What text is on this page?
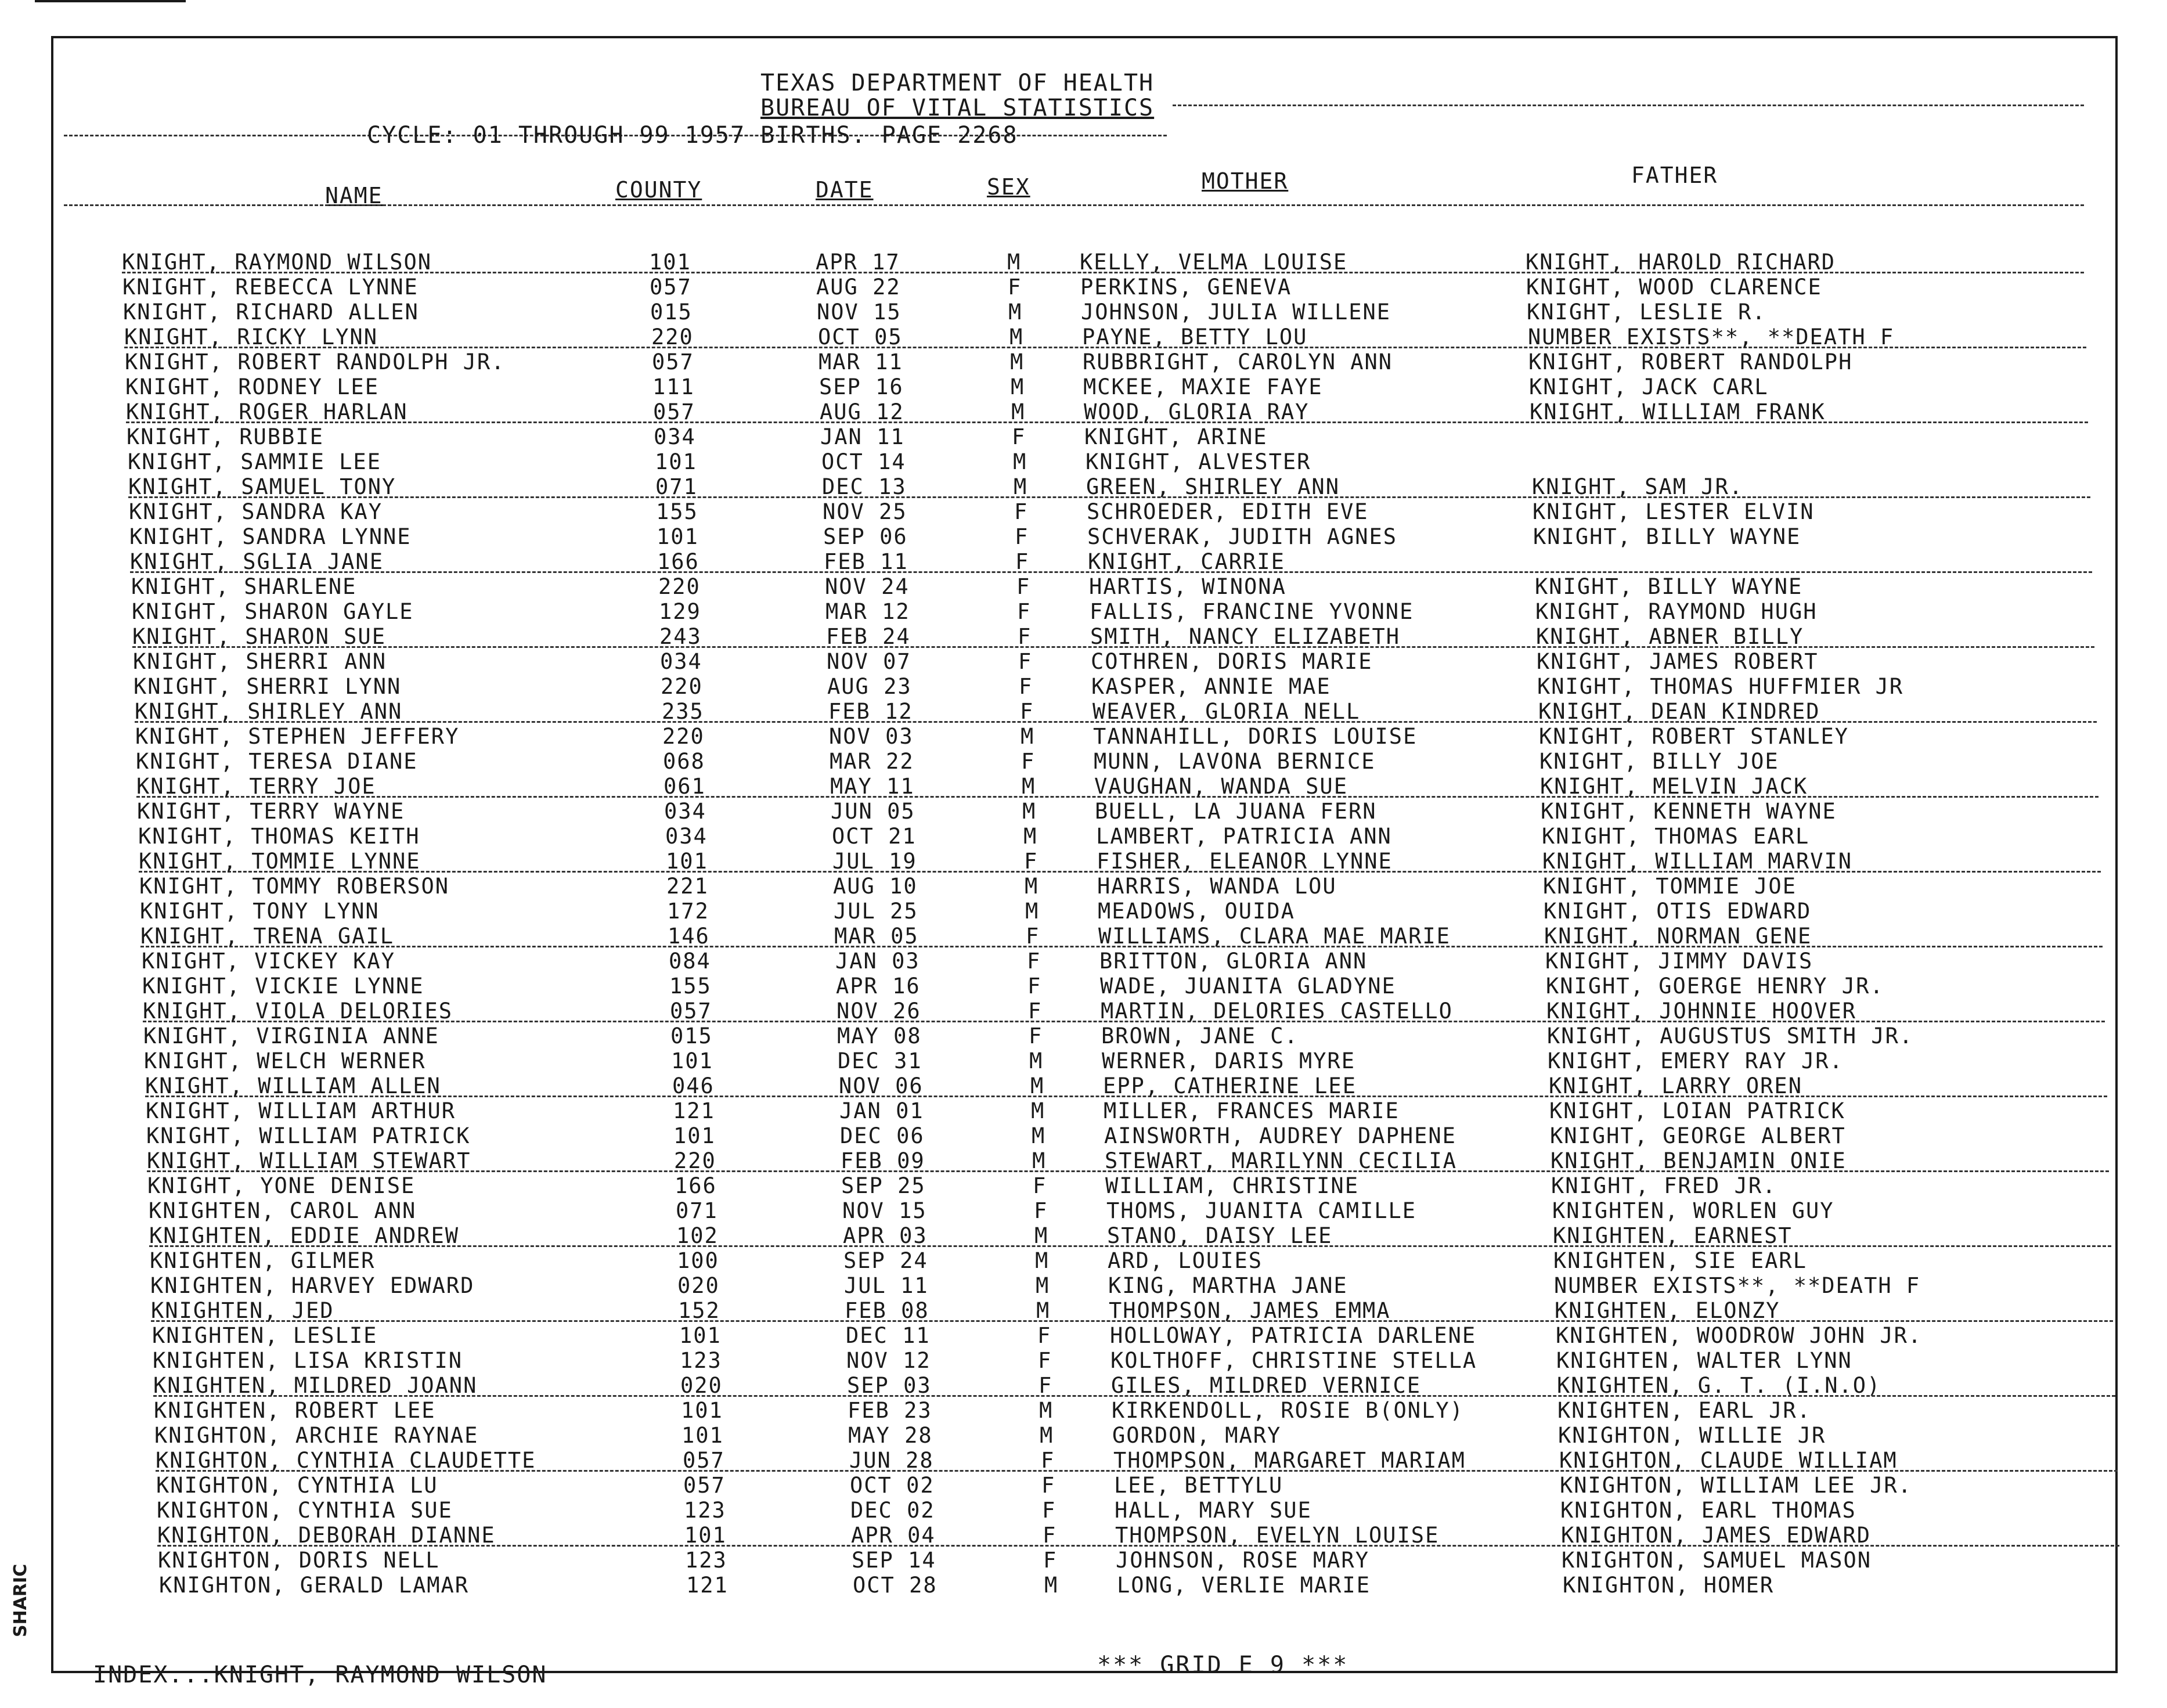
TEXAS DEPARTMENT OF HEALTH
BUREAU OF VITAL STATISTICS
CYCLE: 01 THROUGH 99 1957 BIRTHS. PAGE 2268
NAME	COUNTY	DATE	SEX	MOTHER	FATHER
KNIGHT, RAYMOND WILSON	101	APR 17	M	KELLY, VELMA LOUISE	KNIGHT, HAROLD RICHARD
KNIGHT, REBECCA LYNNE	057	AUG 22	F	PERKINS, GENEVA	KNIGHT, WOOD CLARENCE
KNIGHT, RICHARD ALLEN	015	NOV 15	M	JOHNSON, JULIA WILLENE	KNIGHT, LESLIE R.
KNIGHT, RICKY LYNN	220	OCT 05	M	PAYNE, BETTY LOU	NUMBER EXISTS**, **DEATH F
KNIGHT, ROBERT RANDOLPH JR.	057	MAR 11	M	RUBBRIGHT, CAROLYN ANN	KNIGHT, ROBERT RANDOLPH
KNIGHT, RODNEY LEE	111	SEP 16	M	MCKEE, MAXIE FAYE	KNIGHT, JACK CARL
KNIGHT, ROGER HARLAN	057	AUG 12	M	WOOD, GLORIA RAY	KNIGHT, WILLIAM FRANK
KNIGHT, RUBBIE	034	JAN 11	F	KNIGHT, ARINE
KNIGHT, SAMMIE LEE	101	OCT 14	M	KNIGHT, ALVESTER
KNIGHT, SAMUEL TONY	071	DEC 13	M	GREEN, SHIRLEY ANN	KNIGHT, SAM JR.
KNIGHT, SANDRA KAY	155	NOV 25	F	SCHROEDER, EDITH EVE	KNIGHT, LESTER ELVIN
KNIGHT, SANDRA LYNNE	101	SEP 06	F	SCHVERAK, JUDITH AGNES	KNIGHT, BILLY WAYNE
KNIGHT, SGLIA JANE	166	FEB 11	F	KNIGHT, CARRIE
KNIGHT, SHARLENE	220	NOV 24	F	HARTIS, WINONA	KNIGHT, BILLY WAYNE
KNIGHT, SHARON GAYLE	129	MAR 12	F	FALLIS, FRANCINE YVONNE	KNIGHT, RAYMOND HUGH
KNIGHT, SHARON SUE	243	FEB 24	F	SMITH, NANCY ELIZABETH	KNIGHT, ABNER BILLY
KNIGHT, SHERRI ANN	034	NOV 07	F	COTHREN, DORIS MARIE	KNIGHT, JAMES ROBERT
KNIGHT, SHERRI LYNN	220	AUG 23	F	KASPER, ANNIE MAE	KNIGHT, THOMAS HUFFMIER JR
KNIGHT, SHIRLEY ANN	235	FEB 12	F	WEAVER, GLORIA NELL	KNIGHT, DEAN KINDRED
KNIGHT, STEPHEN JEFFERY	220	NOV 03	M	TANNAHILL, DORIS LOUISE	KNIGHT, ROBERT STANLEY
KNIGHT, TERESA DIANE	068	MAR 22	F	MUNN, LAVONA BERNICE	KNIGHT, BILLY JOE
KNIGHT, TERRY JOE	061	MAY 11	M	VAUGHAN, WANDA SUE	KNIGHT, MELVIN JACK
KNIGHT, TERRY WAYNE	034	JUN 05	M	BUELL, LA JUANA FERN	KNIGHT, KENNETH WAYNE
KNIGHT, THOMAS KEITH	034	OCT 21	M	LAMBERT, PATRICIA ANN	KNIGHT, THOMAS EARL
KNIGHT, TOMMIE LYNNE	101	JUL 19	F	FISHER, ELEANOR LYNNE	KNIGHT, WILLIAM MARVIN
KNIGHT, TOMMY ROBERSON	221	AUG 10	M	HARRIS, WANDA LOU	KNIGHT, TOMMIE JOE
KNIGHT, TONY LYNN	172	JUL 25	M	MEADOWS, OUIDA	KNIGHT, OTIS EDWARD
KNIGHT, TRENA GAIL	146	MAR 05	F	WILLIAMS, CLARA MAE MARIE	KNIGHT, NORMAN GENE
KNIGHT, VICKEY KAY	084	JAN 03	F	BRITTON, GLORIA ANN	KNIGHT, JIMMY DAVIS
KNIGHT, VICKIE LYNNE	155	APR 16	F	WADE, JUANITA GLADYNE	KNIGHT, GOERGE HENRY JR.
KNIGHT, VIOLA DELORIES	057	NOV 26	F	MARTIN, DELORIES CASTELLO	KNIGHT, JOHNNIE HOOVER
KNIGHT, VIRGINIA ANNE	015	MAY 08	F	BROWN, JANE C.	KNIGHT, AUGUSTUS SMITH JR.
KNIGHT, WELCH WERNER	101	DEC 31	M	WERNER, DARIS MYRE	KNIGHT, EMERY RAY JR.
KNIGHT, WILLIAM ALLEN	046	NOV 06	M	EPP, CATHERINE LEE	KNIGHT, LARRY OREN
KNIGHT, WILLIAM ARTHUR	121	JAN 01	M	MILLER, FRANCES MARIE	KNIGHT, LOIAN PATRICK
KNIGHT, WILLIAM PATRICK	101	DEC 06	M	AINSWORTH, AUDREY DAPHENE	KNIGHT, GEORGE ALBERT
KNIGHT, WILLIAM STEWART	220	FEB 09	M	STEWART, MARILYNN CECILIA	KNIGHT, BENJAMIN ONIE
KNIGHT, YONE DENISE	166	SEP 25	F	WILLIAM, CHRISTINE	KNIGHT, FRED JR.
KNIGHTEN, CAROL ANN	071	NOV 15	F	THOMS, JUANITA CAMILLE	KNIGHTEN, WORLEN GUY
KNIGHTEN, EDDIE ANDREW	102	APR 03	M	STANO, DAISY LEE	KNIGHTEN, EARNEST
KNIGHTEN, GILMER	100	SEP 24	M	ARD, LOUIES	KNIGHTEN, SIE EARL
KNIGHTEN, HARVEY EDWARD	020	JUL 11	M	KING, MARTHA JANE	NUMBER EXISTS**, **DEATH F
KNIGHTEN, JED	152	FEB 08	M	THOMPSON, JAMES EMMA	KNIGHTEN, ELONZY
KNIGHTEN, LESLIE	101	DEC 11	F	HOLLOWAY, PATRICIA DARLENE	KNIGHTEN, WOODROW JOHN JR.
KNIGHTEN, LISA KRISTIN	123	NOV 12	F	KOLTHOFF, CHRISTINE STELLA	KNIGHTEN, WALTER LYNN
KNIGHTEN, MILDRED JOANN	020	SEP 03	F	GILES, MILDRED VERNICE	KNIGHTEN, G. T. (I.N.O)
KNIGHTEN, ROBERT LEE	101	FEB 23	M	KIRKENDOLL, ROSIE B(ONLY)	KNIGHTEN, EARL JR.
KNIGHTON, ARCHIE RAYNAE	101	MAY 28	M	GORDON, MARY	KNIGHTON, WILLIE JR
KNIGHTON, CYNTHIA CLAUDETTE	057	JUN 28	F	THOMPSON, MARGARET MARIAM	KNIGHTON, CLAUDE WILLIAM
KNIGHTON, CYNTHIA LU	057	OCT 02	F	LEE, BETTYLU	KNIGHTON, WILLIAM LEE JR.
KNIGHTON, CYNTHIA SUE	123	DEC 02	F	HALL, MARY SUE	KNIGHTON, EARL THOMAS
KNIGHTON, DEBORAH DIANNE	101	APR 04	F	THOMPSON, EVELYN LOUISE	KNIGHTON, JAMES EDWARD
KNIGHTON, DORIS NELL	123	SEP 14	F	JOHNSON, ROSE MARY	KNIGHTON, SAMUEL MASON
KNIGHTON, GERALD LAMAR	121	OCT 28	M	LONG, VERLIE MARIE	KNIGHTON, HOMER
INDEX...KNIGHT, RAYMOND WILSON	*** GRID E 9 ***
SHARIC
